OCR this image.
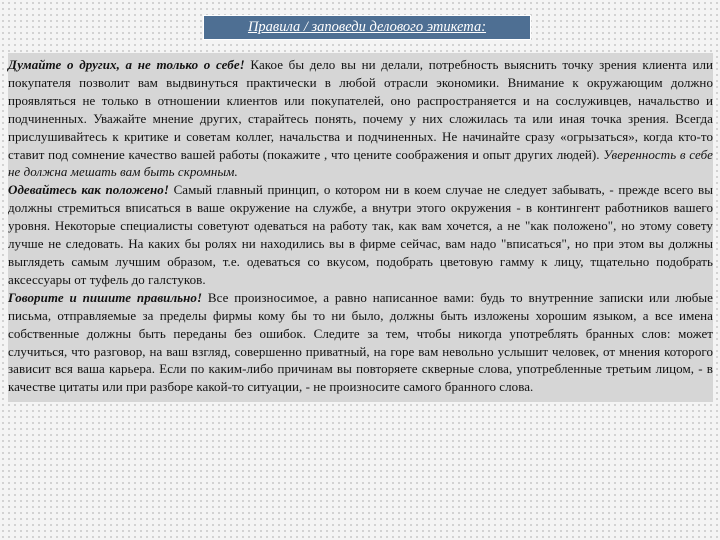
Правила / заповеди делового этикета:

Думайте о других, а не только о себе! Какое бы дело вы ни делали, потребность выяснить точку зрения клиента или покупателя позволит вам выдвинуться практически в любой отрасли экономики. Внимание к окружающим должно проявляться не только в отношении клиентов или покупателей, оно распространяется и на сослуживцев, начальство и подчиненных. Уважайте мнение других, старайтесь понять, почему у них сложилась та или иная точка зрения. Всегда прислушивайтесь к критике и советам коллег, начальства и подчиненных. Не начинайте сразу «огрызаться», когда кто-то ставит под сомнение качество вашей работы (покажите , что цените соображения и опыт других людей). Уверенность в себе не должна мешать вам быть скромным.

Одевайтесь как положено! Самый главный принцип, о котором ни в коем случае не следует забывать, - прежде всего вы должны стремиться вписаться в ваше окружение на службе, а внутри этого окружения - в контингент работников вашего уровня. Некоторые специалисты советуют одеваться на работу так, как вам хочется, а не "как положено", но этому совету лучше не следовать. На каких бы ролях ни находились вы в фирме сейчас, вам надо "вписаться", но при этом вы должны выглядеть самым лучшим образом, т.е. одеваться со вкусом, подобрать цветовую гамму к лицу, тщательно подобрать аксессуары от туфель до галстуков.

Говорите и пишите правильно! Все произносимое, а равно написанное вами: будь то внутренние записки или любые письма, отправляемые за пределы фирмы кому бы то ни было, должны быть изложены хорошим языком, а все имена собственные должны быть переданы без ошибок. Следите за тем, чтобы никогда употреблять бранных слов: может случиться, что разговор, на ваш взгляд, совершенно приватный, на горе вам невольно услышит человек, от мнения которого зависит вся ваша карьера. Если по каким-либо причинам вы повторяете скверные слова, употребленные третьим лицом, - в качестве цитаты или при разборе какой-то ситуации, - не произносите самого бранного слова.
